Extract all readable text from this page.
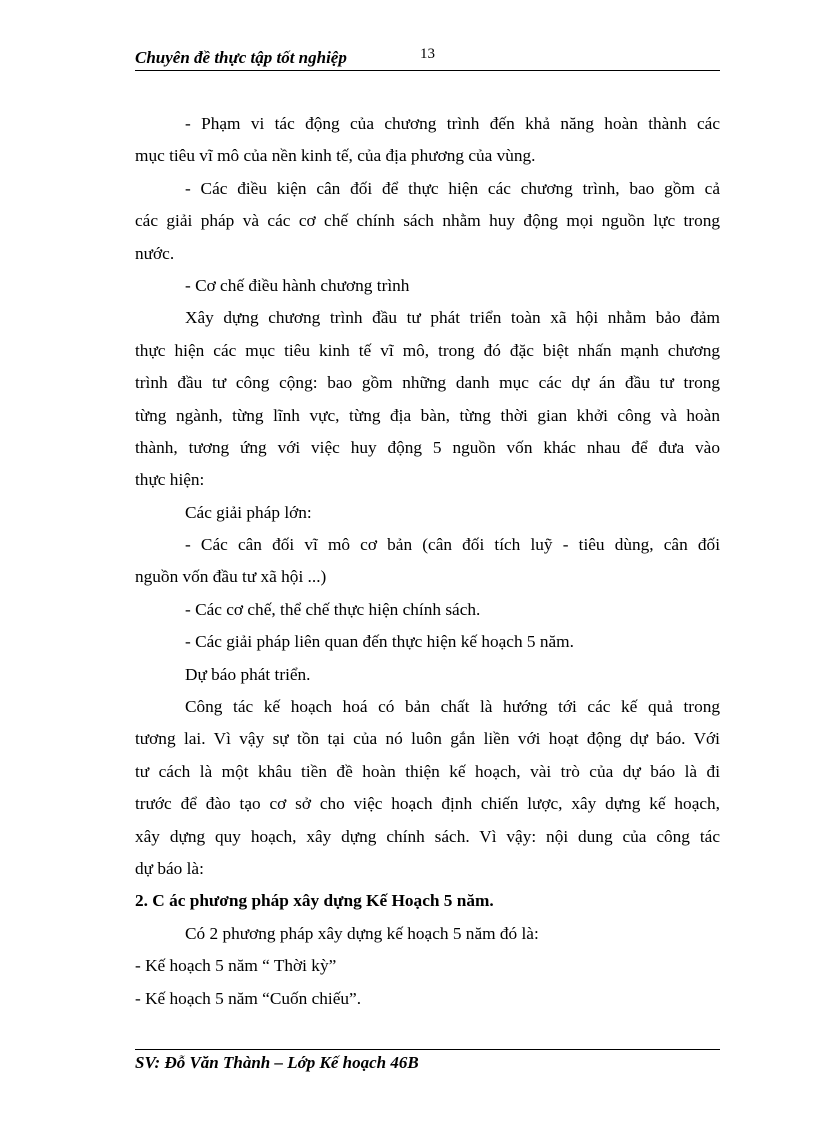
Chuyên đề thực tập tốt nghiệp	13
- Phạm vi tác động của chương trình đến khả năng hoàn thành các
mục tiêu vĩ mô của nền kinh tế, của địa phương của vùng.
- Các điều kiện cân đối để thực hiện các chương trình, bao gồm cả
các giải pháp và các cơ chế chính sách nhằm huy động mọi nguồn lực trong
nước.
- Cơ chế điều hành chương trình
Xây dựng chương trình đầu tư phát triển toàn xã hội nhằm bảo đảm
thực hiện các mục tiêu kinh tế vĩ mô, trong đó đặc biệt nhấn mạnh chương
trình đầu tư công cộng: bao gồm những danh mục các dự án đầu tư trong
từng ngành, từng lĩnh vực, từng địa bàn, từng thời gian khởi công và hoàn
thành, tương ứng với việc huy động 5 nguồn vốn khác nhau để đưa vào
thực hiện:
Các giải pháp lớn:
- Các cân đối vĩ mô cơ bản (cân đối tích luỹ - tiêu dùng, cân đối
nguồn vốn đầu tư xã hội ...)
- Các cơ chế, thể chế thực hiện chính sách.
- Các giải pháp liên quan đến thực hiện kế hoạch 5 năm.
Dự báo phát triển.
Công tác kế hoạch hoá có bản chất là hướng tới các kế quả trong
tương lai. Vì vậy sự tồn tại của nó luôn gắn liền với hoạt động dự báo. Với
tư cách là một khâu tiền đề hoàn thiện kế hoạch, vài trò của dự báo là đi
trước để đào tạo cơ sở cho việc hoạch định chiến lược, xây dựng kế hoạch,
xây dựng quy hoạch, xây dựng chính sách. Vì vậy: nội dung của công tác
dự báo là:
2. C ác phương pháp xây dựng Kế Hoạch 5 năm.
Có 2 phương pháp xây dựng kế hoạch 5 năm đó là:
- Kế hoạch 5 năm “ Thời kỳ”
- Kế hoạch 5 năm “Cuốn chiếu”.
SV: Đỗ Văn Thành – Lớp Kế hoạch 46B
